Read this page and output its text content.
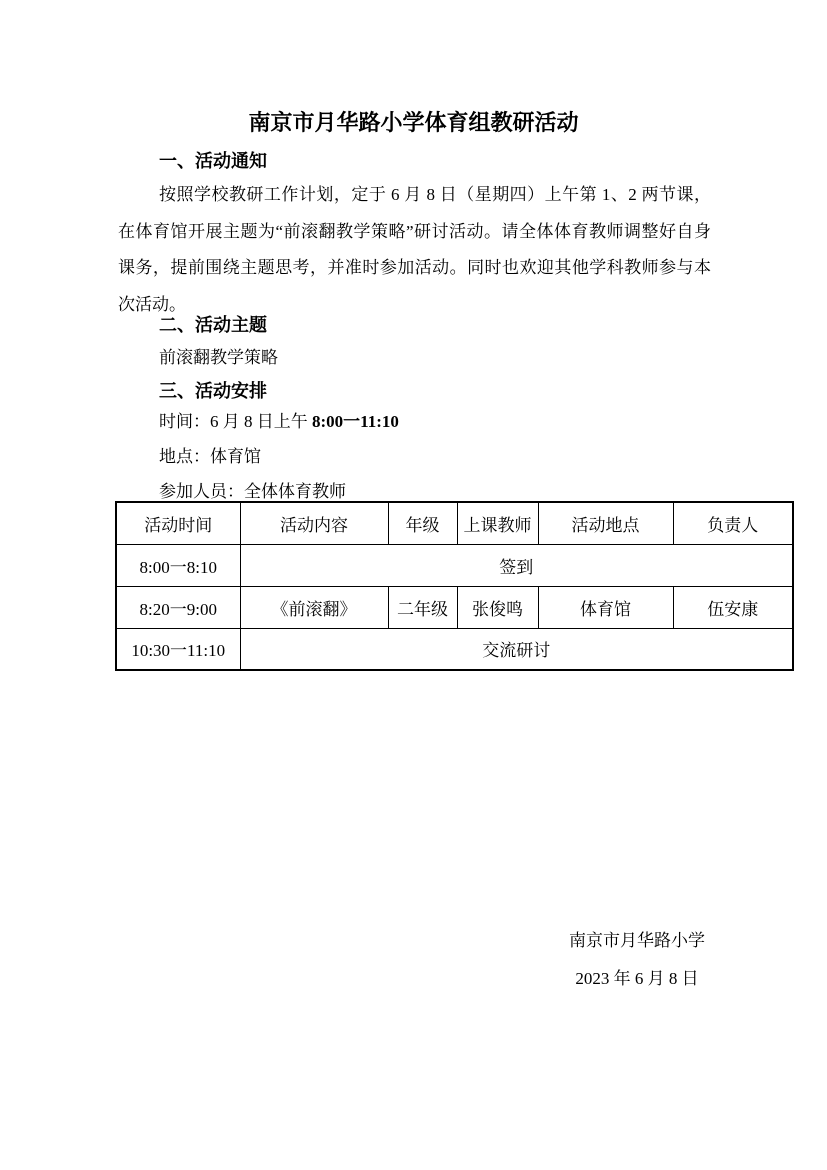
南京市月华路小学体育组教研活动
一、活动通知

按照学校教研工作计划，定于 6 月 8 日（星期四）上午第 1、2 两节课，在体育馆开展主题为“前滚翻教学策略”研讨活动。请全体体育教师调整好自身课务，提前围绕主题思考，并准时参加活动。同时也欢迎其他学科教师参与本次活动。

二、活动主题
前滚翻教学策略
三、活动安排
时间：6 月 8 日上午 8:00一11:10
地点：体育馆
参加人员：全体体育教师
活动时间	活动内容	年级	上课教师	活动地点	负责人
8:00一8:10	签到				
8:20一9:00	《前滚翻》	二年级	张俊鸣	体育馆	伍安康
10:30一11:10	交流研讨				
南京市月华路小学
2023 年 6 月 8 日
